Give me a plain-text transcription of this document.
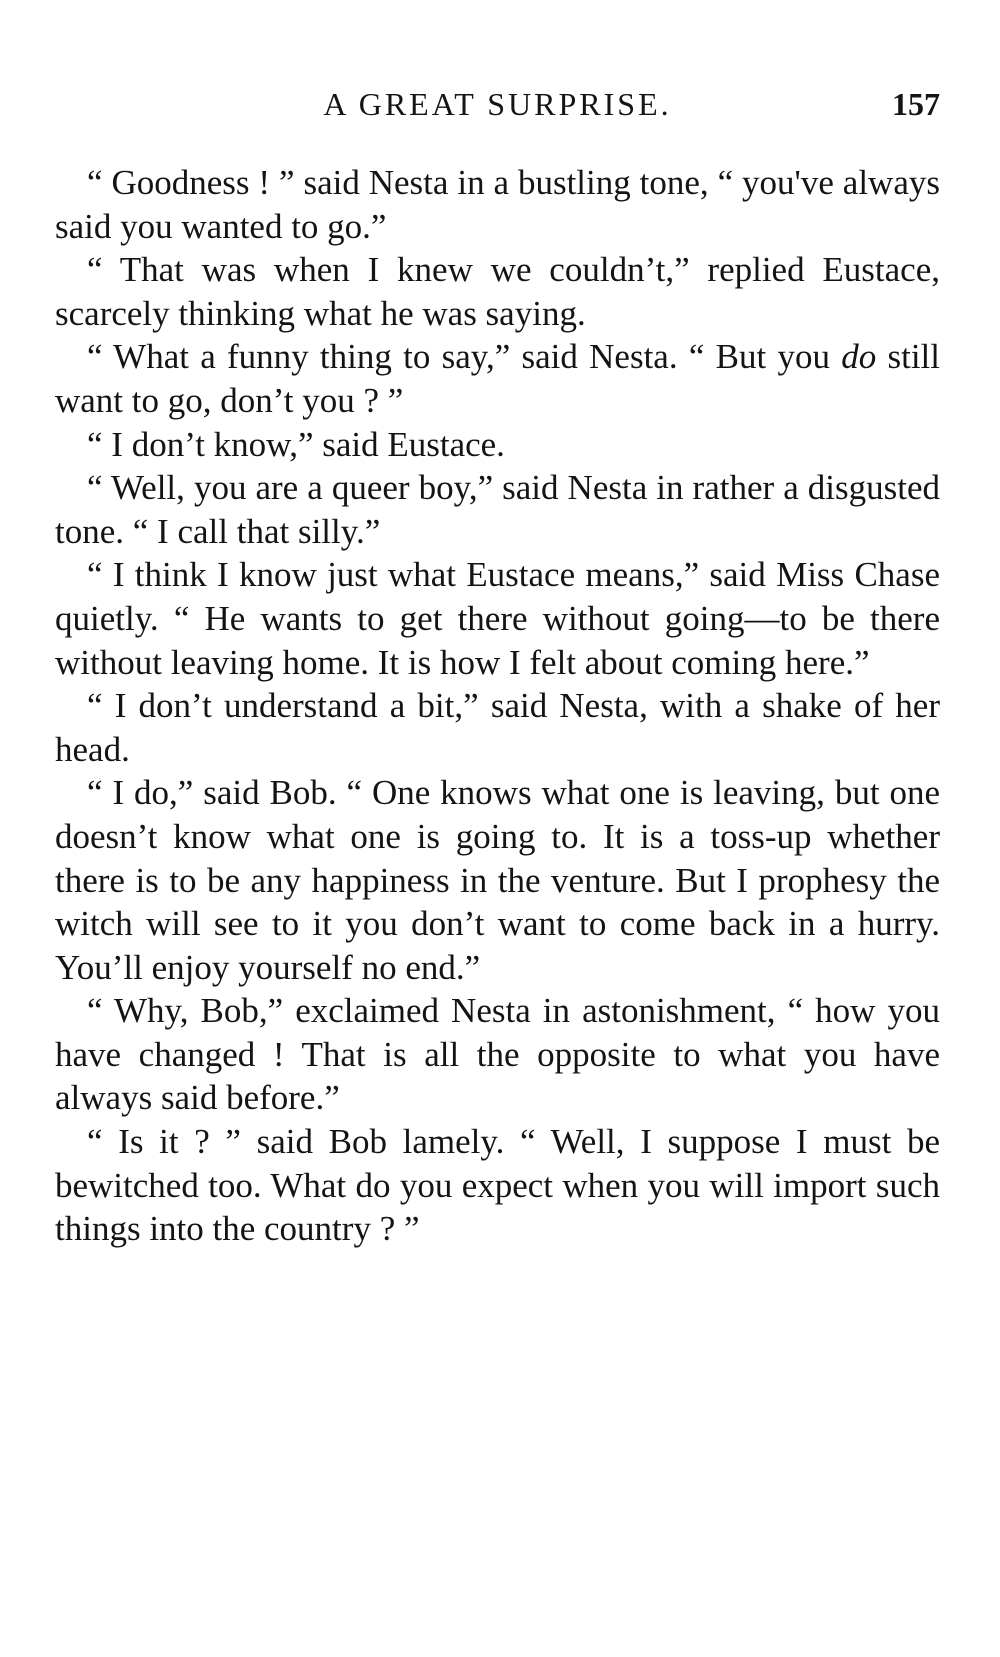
A GREAT SURPRISE.	157

“ Goodness ! ” said Nesta in a bustling tone, “ you've always said you wanted to go.”

“ That was when I knew we couldn’t,” replied Eustace, scarcely thinking what he was saying.

“ What a funny thing to say,” said Nesta. “ But you do still want to go, don’t you ? ”

“ I don’t know,” said Eustace.

“ Well, you are a queer boy,” said Nesta in rather a disgusted tone. “ I call that silly.”

“ I think I know just what Eustace means,” said Miss Chase quietly. “ He wants to get there without going—to be there without leaving home. It is how I felt about coming here.”

“ I don’t understand a bit,” said Nesta, with a shake of her head.

“ I do,” said Bob. “ One knows what one is leaving, but one doesn’t know what one is going to. It is a toss-up whether there is to be any happiness in the venture. But I prophesy the witch will see to it you don’t want to come back in a hurry. You’ll enjoy yourself no end.”

“ Why, Bob,” exclaimed Nesta in astonishment, “ how you have changed ! That is all the opposite to what you have always said before.”

“ Is it ? ” said Bob lamely. “ Well, I suppose I must be bewitched too. What do you expect when you will import such things into the country ? ”
